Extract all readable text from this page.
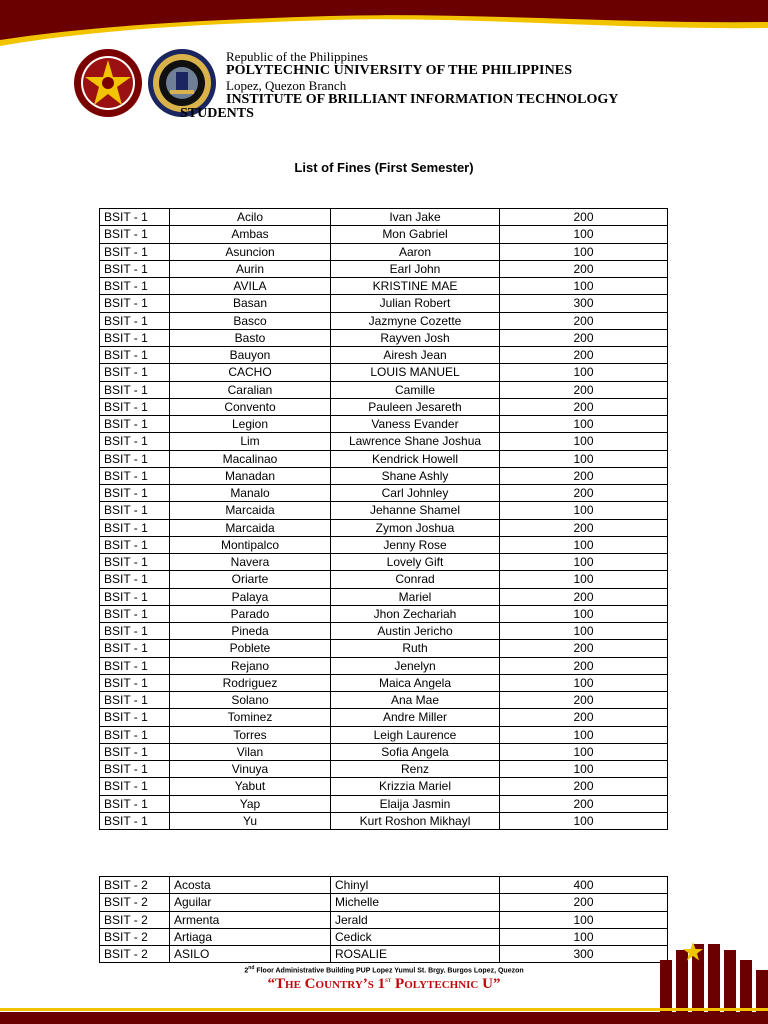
Republic of the Philippines
POLYTECHNIC UNIVERSITY OF THE PHILIPPINES
Lopez, Quezon Branch
INSTITUTE OF BRILLIANT INFORMATION TECHNOLOGY
STUDENTS
List of Fines (First Semester)
BSIT - 1	Acilo	Ivan Jake	200
BSIT - 1	Ambas	Mon Gabriel	100
BSIT - 1	Asuncion	Aaron	100
BSIT - 1	Aurin	Earl John	200
BSIT - 1	AVILA	KRISTINE MAE	100
BSIT - 1	Basan	Julian Robert	300
BSIT - 1	Basco	Jazmyne Cozette	200
BSIT - 1	Basto	Rayven Josh	200
BSIT - 1	Bauyon	Airesh Jean	200
BSIT - 1	CACHO	LOUIS MANUEL	100
BSIT - 1	Caralian	Camille	200
BSIT - 1	Convento	Pauleen Jesareth	200
BSIT - 1	Legion	Vaness Evander	100
BSIT - 1	Lim	Lawrence Shane Joshua	100
BSIT - 1	Macalinao	Kendrick Howell	100
BSIT - 1	Manadan	Shane Ashly	200
BSIT - 1	Manalo	Carl Johnley	200
BSIT - 1	Marcaida	Jehanne Shamel	100
BSIT - 1	Marcaida	Zymon Joshua	200
BSIT - 1	Montipalco	Jenny Rose	100
BSIT - 1	Navera	Lovely Gift	100
BSIT - 1	Oriarte	Conrad	100
BSIT - 1	Palaya	Mariel	200
BSIT - 1	Parado	Jhon Zechariah	100
BSIT - 1	Pineda	Austin Jericho	100
BSIT - 1	Poblete	Ruth	200
BSIT - 1	Rejano	Jenelyn	200
BSIT - 1	Rodriguez	Maica Angela	100
BSIT - 1	Solano	Ana Mae	200
BSIT - 1	Tominez	Andre Miller	200
BSIT - 1	Torres	Leigh Laurence	100
BSIT - 1	Vilan	Sofia Angela	100
BSIT - 1	Vinuya	Renz	100
BSIT - 1	Yabut	Krizzia Mariel	200
BSIT - 1	Yap	Elaija Jasmin	200
BSIT - 1	Yu	Kurt Roshon Mikhayl	100
BSIT - 2	Acosta	Chinyl	400
BSIT - 2	Aguilar	Michelle	200
BSIT - 2	Armenta	Jerald	100
BSIT - 2	Artiaga	Cedick	100
BSIT - 2	ASILO	ROSALIE	300
2nd Floor Administrative Building PUP Lopez Yumul St. Brgy. Burgos Lopez, Quezon
“The Country’s 1st Polytechnic U”
